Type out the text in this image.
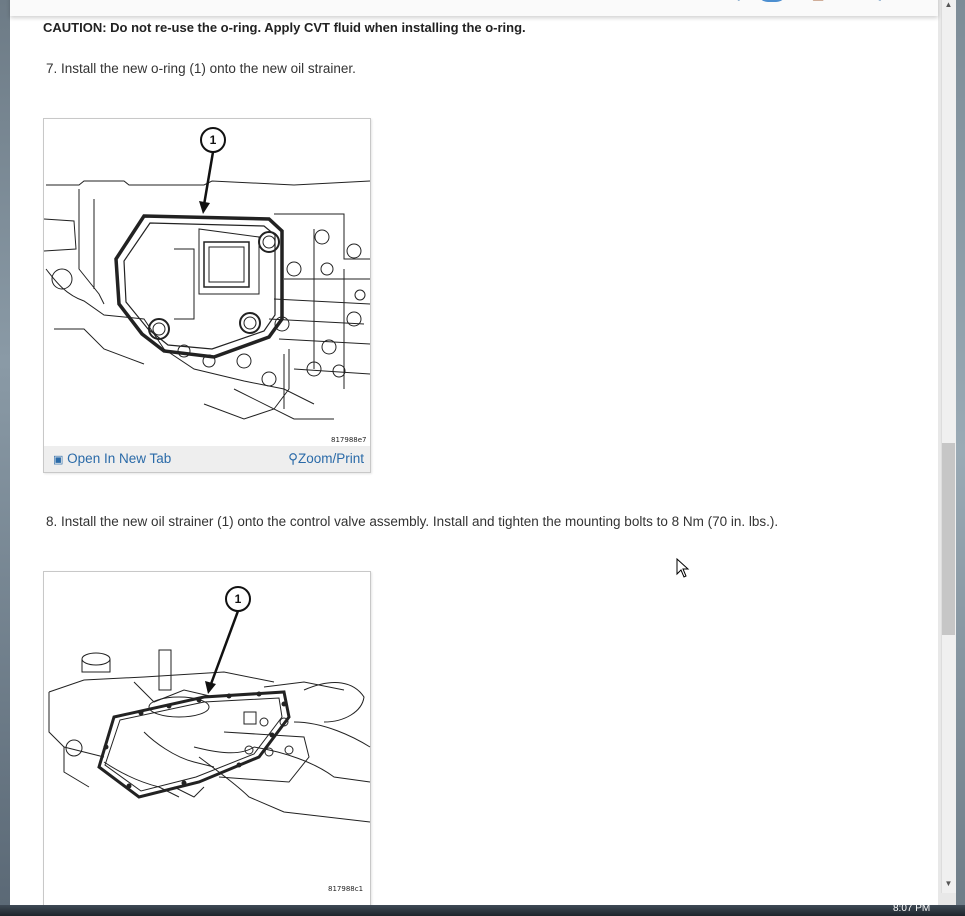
CAUTION: Do not re-use the o-ring. Apply CVT fluid when installing the o-ring.
7. Install the new o-ring (1) onto the new oil strainer.
1
817988e7
▣ Open In New Tab	⚲Zoom/Print
8. Install the new oil strainer (1) onto the control valve assembly. Install and tighten the mounting bolts to 8 Nm (70 in. lbs.).
1
817988c1
▲
▼
8:07 PM
